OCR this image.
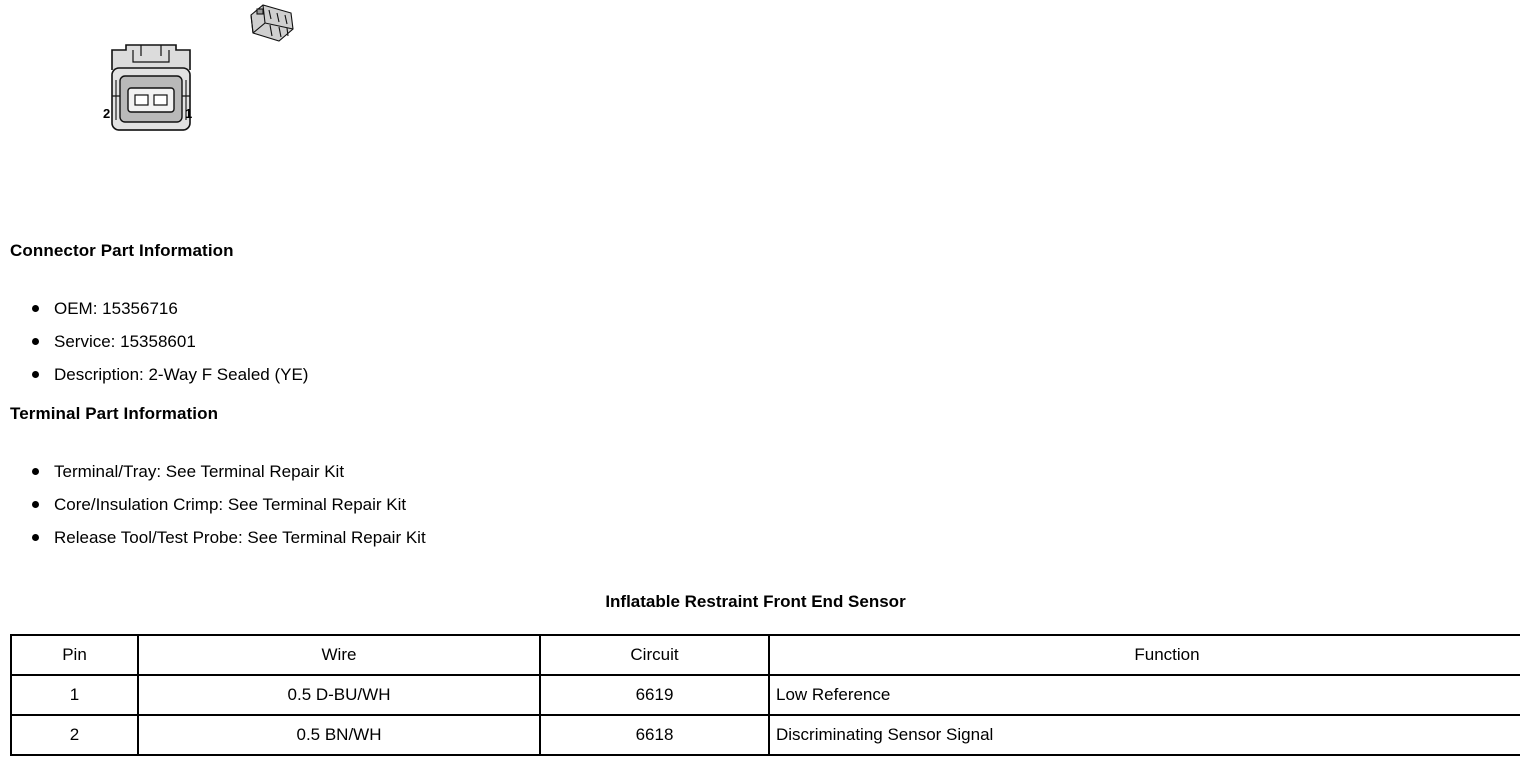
2	1
Connector Part Information
OEM: 15356716
Service: 15358601
Description: 2-Way F Sealed (YE)
Terminal Part Information
Terminal/Tray: See Terminal Repair Kit
Core/Insulation Crimp: See Terminal Repair Kit
Release Tool/Test Probe: See Terminal Repair Kit
Inflatable Restraint Front End Sensor
Pin	Wire	Circuit	Function
1	0.5 D-BU/WH	6619	Low Reference
2	0.5 BN/WH	6618	Discriminating Sensor Signal
